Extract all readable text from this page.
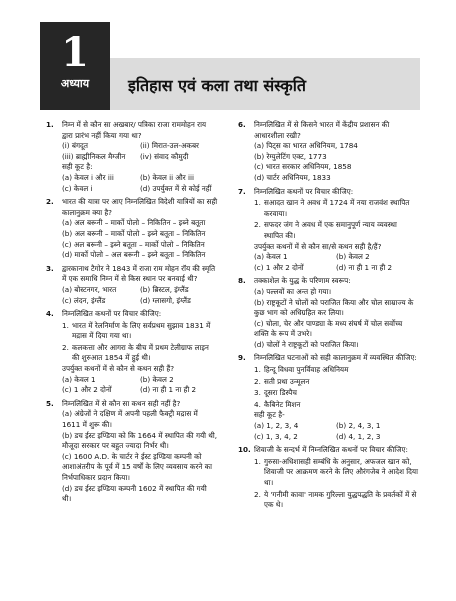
1
अध्याय	इतिहास एवं कला तथा संस्कृति
1.	निम्न में से कौन सा अखबार/ पत्रिका राजा राममोहन राय द्वारा प्रारंभ नहीं किया गया था?

(i) बंगदूत	(ii) मिरात-उल-अकबर
(iii) ब्राह्मीनिकल मैग्जीन	(iv) संवाद कौमुदी
सही कूट है:
(a) केवल i और iii	(b) केवल ii और iii
(c) केवल i	(d) उपर्युक्त में से कोई नहीं
2.	भारत की यात्रा पर आए निम्नलिखित विदेशी यात्रियों का सही कालानुक्रम क्या है?

(a) अल बरूनी – मार्को पोलो – निकितिन – इब्ने बतूता
(b) अल बरूनी – मार्को पोलो – इब्ने बतूता – निकितिन
(c) अल बरूनी – इब्ने बतूता – मार्को पोलो – निकितिन
(d) मार्को पोलो – अल बरूनी – इब्ने बतूता – निकितिन
3.	द्वारकानाथ टैगोर ने 1843 में राजा राम मोहन रॉय की स्मृति में एक समाधि निम्न में से किस स्थान पर बनवाई थी?

(a) बोस्टनगर, भारत	(b) ब्रिस्टल, इंग्लैंड
(c) लंदन, इंग्लैंड	(d) ग्लासगो, इंग्लैंड
4.	निम्नलिखित कथनों पर विचार कीजिए:

1. भारत में रेलनिर्माण के लिए सर्वप्रथम सुझाव 1831 में मद्रास में दिया गया था।
2. कलकत्ता और आगरा के बीच में प्रथम टेलीग्राफ लाइन की शुरुआत 1854 में हुई थी।
उपर्युक्त कथनों में से कौन से कथन सही हैं?
(a) केवल 1	(b) केवल 2
(c) 1 और 2 दोनों	(d) ना ही 1 ना ही 2
5.	निम्नलिखित में से कौन सा कथन सही नहीं है?

(a) अंग्रेजों ने दक्षिण में अपनी पहली फैक्ट्री मद्रास में 1611 में शुरू की।
(b) डच ईस्ट इण्डिया को कि 1664 में स्थापित की गयी थी, मौजूदा सरकार पर बहुत ज्यादा निर्भर थी।
(c) 1600 A.D. के चार्टर ने ईस्ट इण्डिया कम्पनी को आशाअंतरीप के पूर्व में 15 वर्षों के लिए व्यवसाय करने का निर्भपाधिकार प्रदान किया।
(d) डच ईस्ट इण्डिया कम्पनी 1602 में स्थापित की गयी थी।
6.	निम्नलिखित में से किसने भारत में केंद्रीय प्रशासन की आधारशीला रखी?

(a) पिट्स का भारत अधिनियम, 1784
(b) रेग्युलेटिंग एक्ट, 1773
(c) भारत सरकार अधिनियम, 1858
(d) चार्टर अधिनियम, 1833
7.	निम्नलिखित कथनों पर विचार कीजिए:

1. सआदत खान ने अवध में 1724 में नया राजवंश स्थापित करवाया।
2. सफदर जंग ने अवध में एक समानुपूर्ण न्याय व्यवस्था स्थापित की।
उपर्युक्त कथनों में से कौन सा/से कथन सही है/हैं?
(a) केवल 1	(b) केवल 2
(c) 1 और 2 दोनों	(d) ना ही 1 ना ही 2
8.	तक्काशेल के युद्ध के परिणाम स्वरूप:

(a) पल्लवों का अन्त हो गया।
(b) राष्ट्रकूटों ने चोलों को पराजित किया और चोल साम्राज्य के कुछ भाग को अधिग्रहित कर लिया।
(c) चोला, चेर और पाण्ड्या के मध्य संघर्ष में चोल सर्वोच्च शक्ति के रूप में उभरे।
(d) चोलों ने राष्ट्रकूटों को पराजित किया।
9.	निम्नलिखित घटनाओं को सही कालानुक्रम में व्यवस्थित कीजिए:

1. हिन्दू विधवा पुनर्विवाह अधिनियम
2. सती प्रथा उन्मूलन
3. दूसरा डिस्पैच
4. कैबिनेट मिशन
सही कूट है-
(a) 1, 2, 3, 4	(b) 2, 4, 3, 1
(c) 1, 3, 4, 2	(d) 4, 1, 2, 3
10. शिवाजी के सन्दर्भ में निम्नलिखित कथनों पर विचार कीजिए:

1. गुरुसा-अधिशासही सम्बंधि के अनुसार, अफजल खान को, शिवाजी पर आक्रमण करने के लिए औरंगजेब ने आदेश दिया था।
2. ये 'गनीमी कावा' नामक गुरिल्ला युद्धपद्धति के प्रवर्तकों में से एक थे।
